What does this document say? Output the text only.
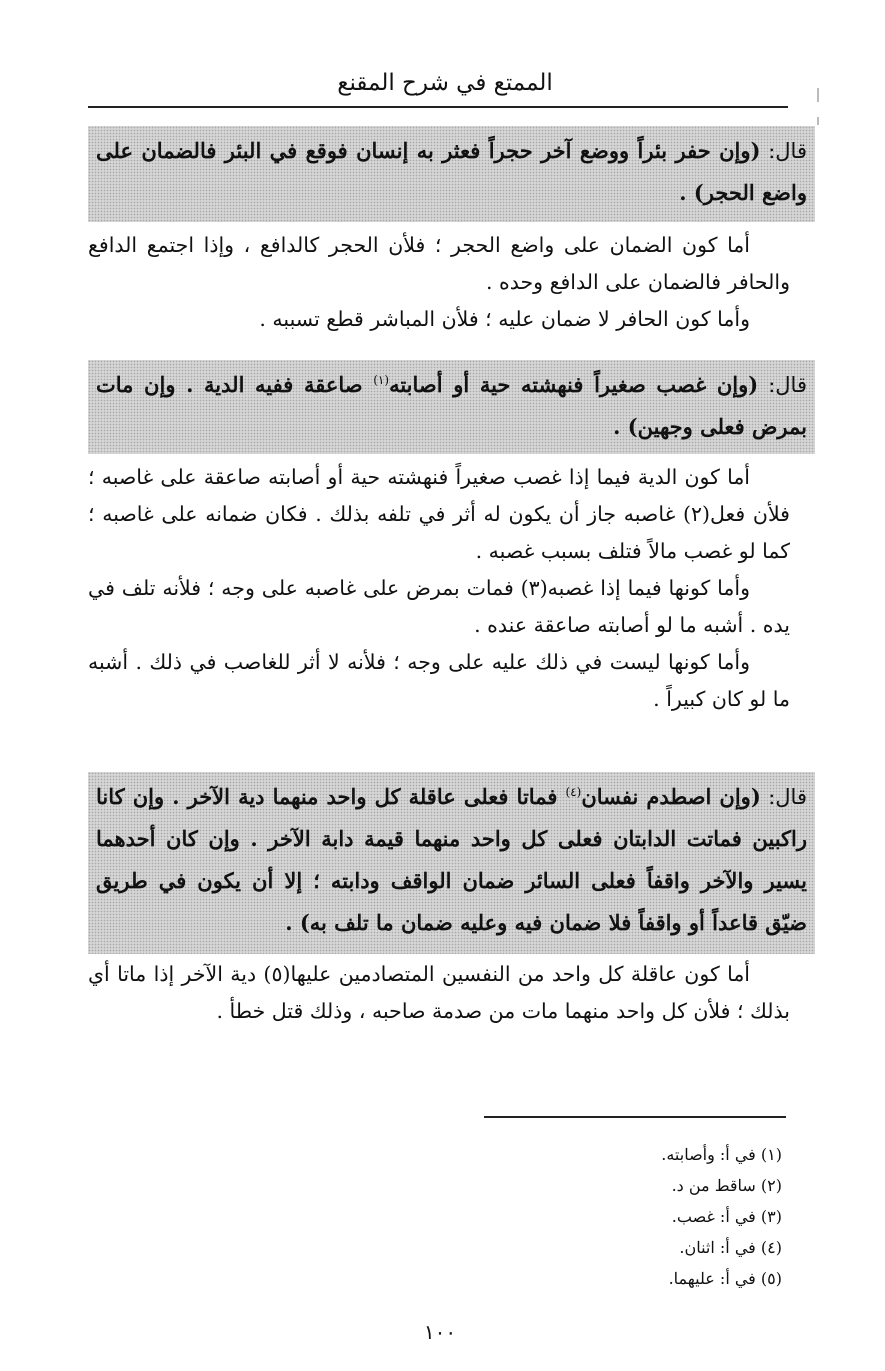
الممتع في شرح المقنع
قال: (وإن حفر بئراً ووضع آخر حجراً فعثر به إنسان فوقع في البئر فالضمان على واضع الحجر) .

أما كون الضمان على واضع الحجر ؛ فلأن الحجر كالدافع ، وإذا اجتمع الدافع والحافر فالضمان على الدافع وحده .

وأما كون الحافر لا ضمان عليه ؛ فلأن المباشر قطع تسببه .

قال: (وإن غصب صغيراً فنهشته حية أو أصابته$^{(١)}$ صاعقة ففيه الدية . وإن مات بمرض فعلى وجهين) .

أما كون الدية فيما إذا غصب صغيراً فنهشته حية أو أصابته صاعقة على غاصبه ؛ فلأن فعل(٢) غاصبه جاز أن يكون له أثر في تلفه بذلك . فكان ضمانه على غاصبه ؛ كما لو غصب مالاً فتلف بسبب غصبه .

وأما كونها فيما إذا غصبه(٣) فمات بمرض على غاصبه على وجه ؛ فلأنه تلف في يده . أشبه ما لو أصابته صاعقة عنده .

وأما كونها ليست في ذلك عليه على وجه ؛ فلأنه لا أثر للغاصب في ذلك . أشبه ما لو كان كبيراً .

قال: (وإن اصطدم نفسان$^{(٤)}$ فماتا فعلى عاقلة كل واحد منهما دية الآخر . وإن كانا راكبين فماتت الدابتان فعلى كل واحد منهما قيمة دابة الآخر . وإن كان أحدهما يسير والآخر واقفاً فعلى السائر ضمان الواقف ودابته ؛ إلا أن يكون في طريق ضيّق قاعداً أو واقفاً فلا ضمان فيه وعليه ضمان ما تلف به) .

أما كون عاقلة كل واحد من النفسين المتصادمين عليها(٥) دية الآخر إذا ماتا أي بذلك ؛ فلأن كل واحد منهما مات من صدمة صاحبه ، وذلك قتل خطأ .

(١) في أ: وأصابته.

(٢) ساقط من د.

(٣) في أ: غصب.

(٤) في أ: اثنان.

(٥) في أ: عليهما.

١٠٠
